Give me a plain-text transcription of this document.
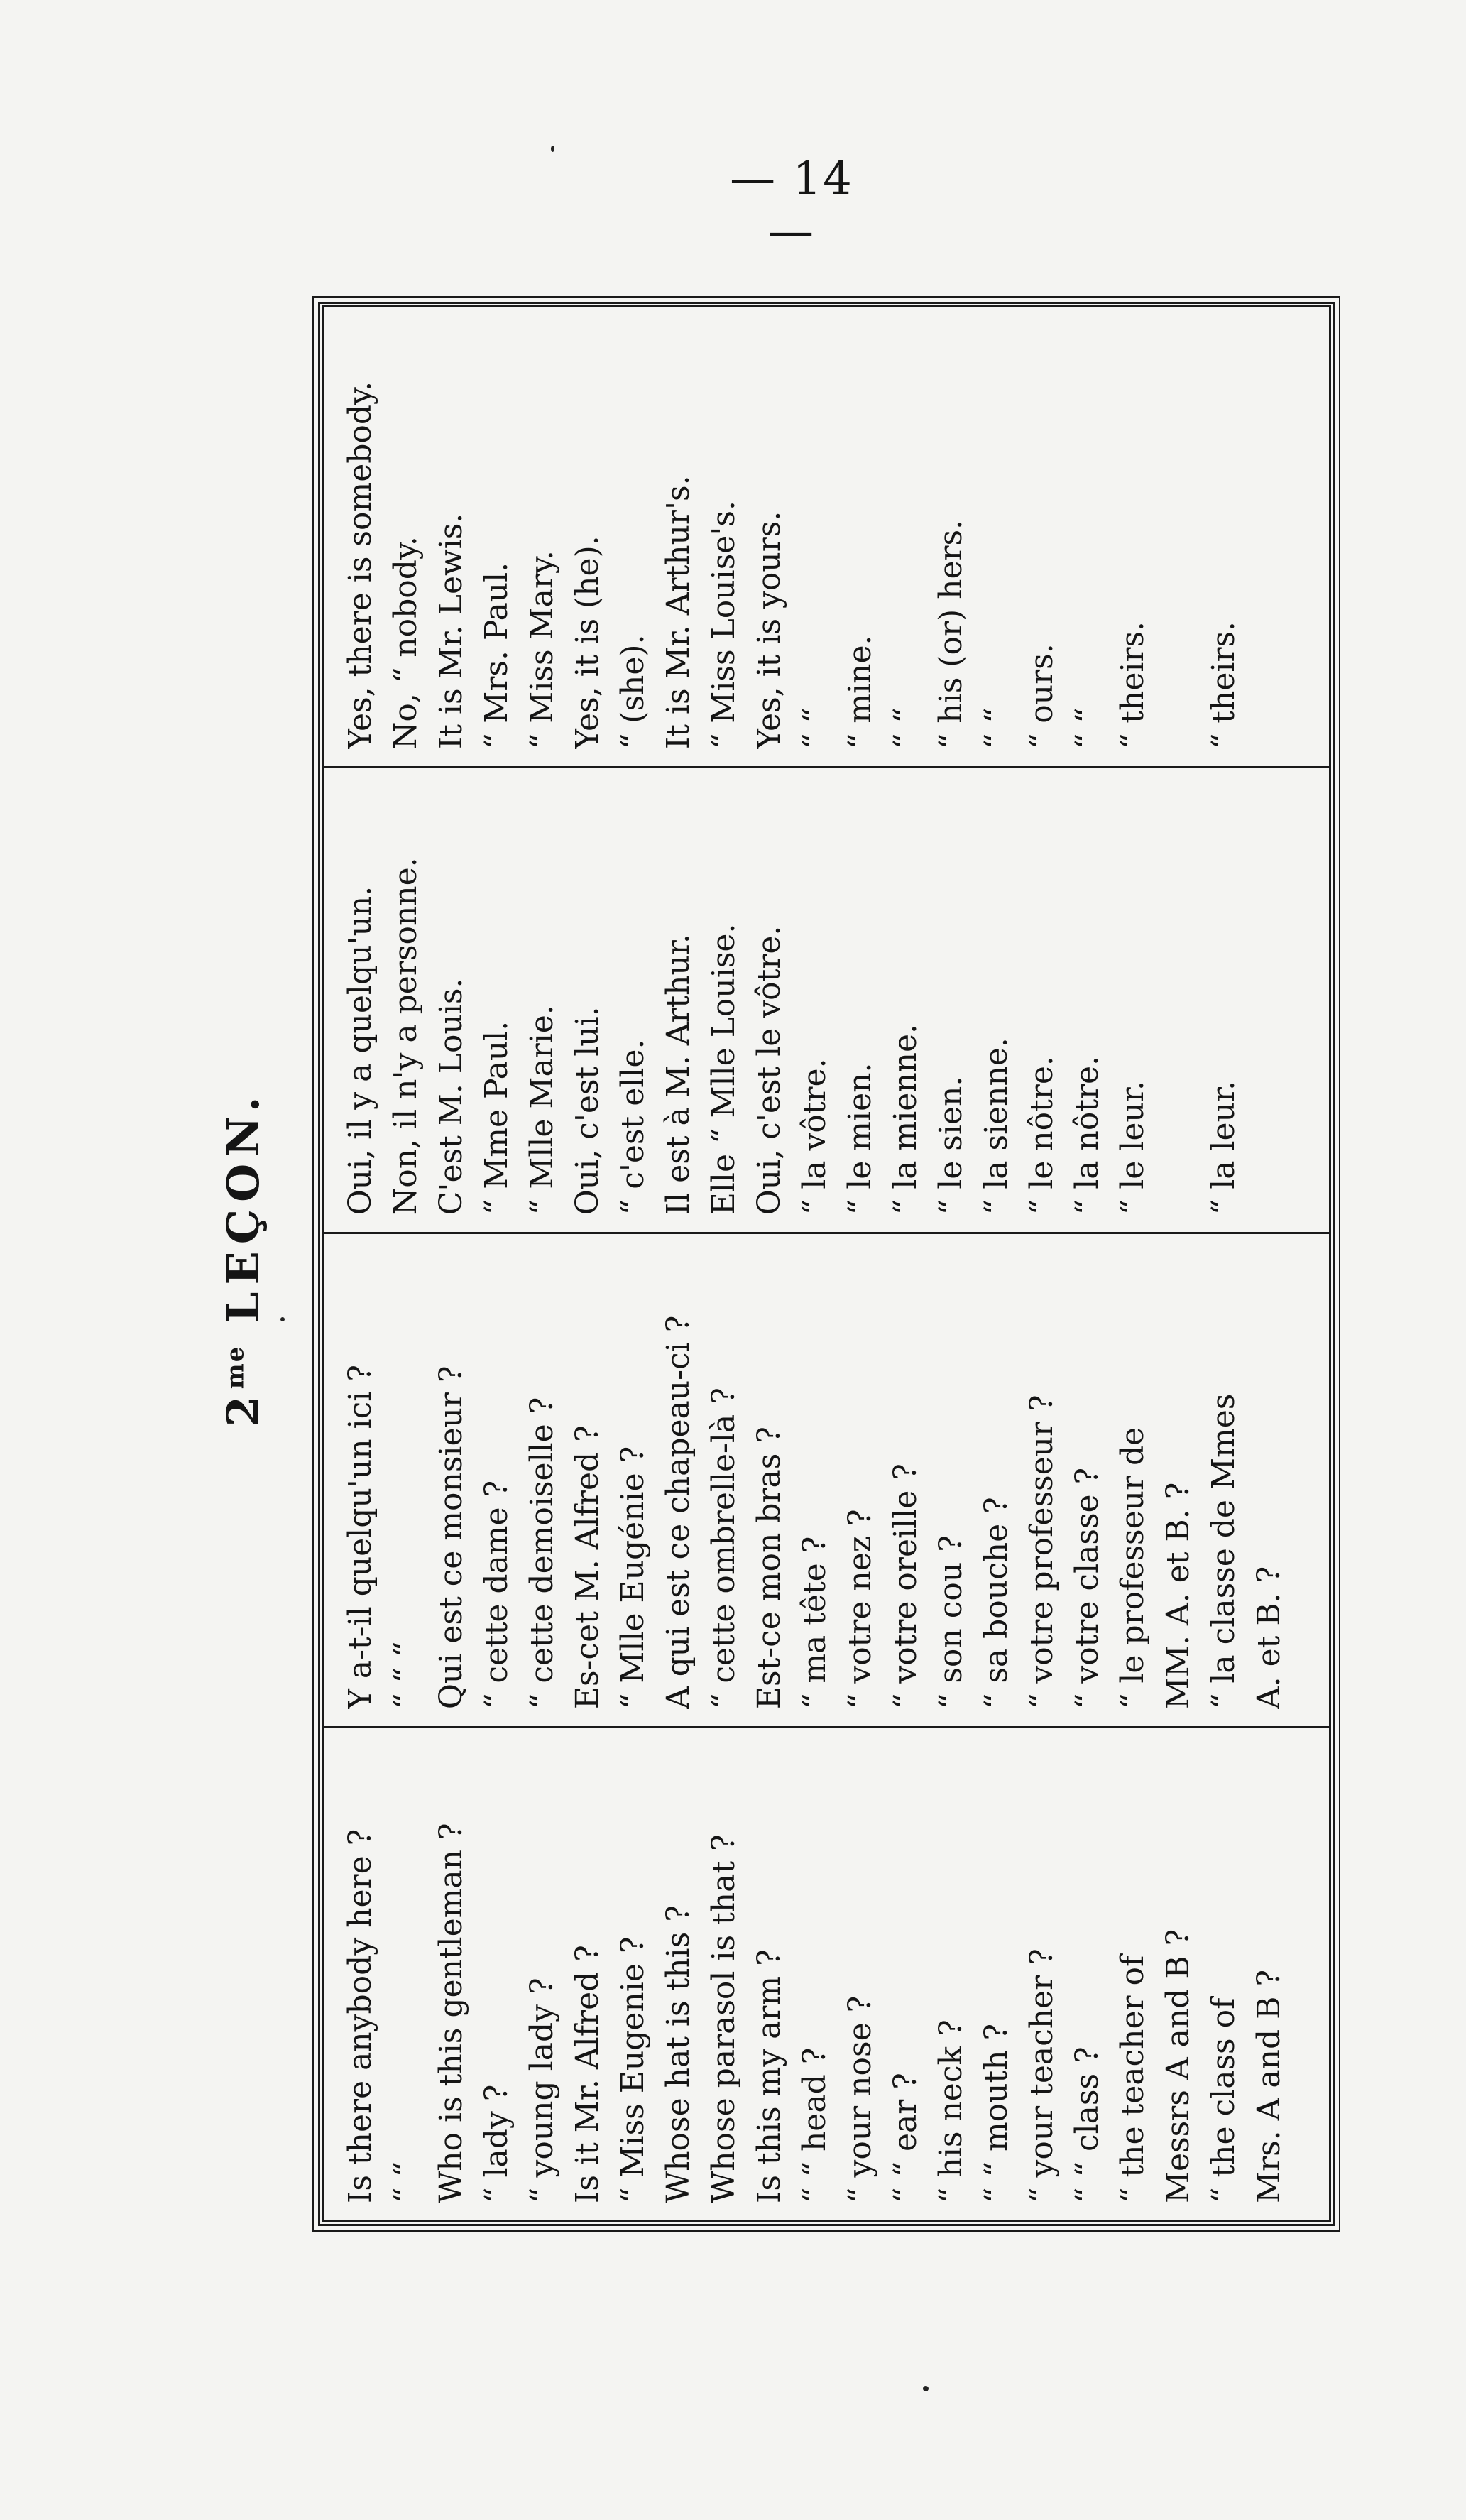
— 14 —
$2^{me}$ LEÇON.
Is there anybody here ? “ “ Who is this gentleman ? “ lady ? “ young lady ? Is it Mr. Alfred ? “ Miss Eugenie ? Whose hat is this ? Whose parasol is that ? Is this my arm ? “ “ head ? “ your nose ? “ “ ear ? “ his neck ? “ “ mouth ? “ your teacher ? “ “ class ? “ the teacher of Messrs A and B ? “ the class of Mrs. A and B ?
Y a-t-il quelqu'un ici ? “ “ “ Qui est ce monsieur ? “ cette dame ? “ cette demoiselle ? Es-cet M. Alfred ? “ Mlle Eugénie ? A qui est ce chapeau-ci ? “ cette ombrelle-là ? Est-ce mon bras ? “ ma tête ? “ votre nez ? “ votre oreille ? “ son cou ? “ sa bouche ? “ votre professeur ? “ votre classe ? “ le professeur de MM. A. et B. ? “ la classe de Mmes A. et B. ?
Oui, il y a quelqu'un. Non, il n'y a personne. C'est M. Louis. “ Mme Paul. “ Mlle Marie. Oui, c'est lui. “ c'est elle. Il est à M. Arthur. Elle “ Mlle Louise. Oui, c'est le vôtre. “ la vôtre. “ le mien. “ la mienne. “ le sien. “ la sienne. “ le nôtre. “ la nôtre. “ le leur. “ la leur.
Yes, there is somebody. No, “ nobody. It is Mr. Lewis. “ Mrs. Paul. “ Miss Mary. Yes, it is (he). “ (she). It is Mr. Arthur's. “ Miss Louise's. Yes, it is yours. “ “ “ mine. “ “ “ his (or) hers. “ “ “ ours. “ “ “ theirs. “ theirs.
